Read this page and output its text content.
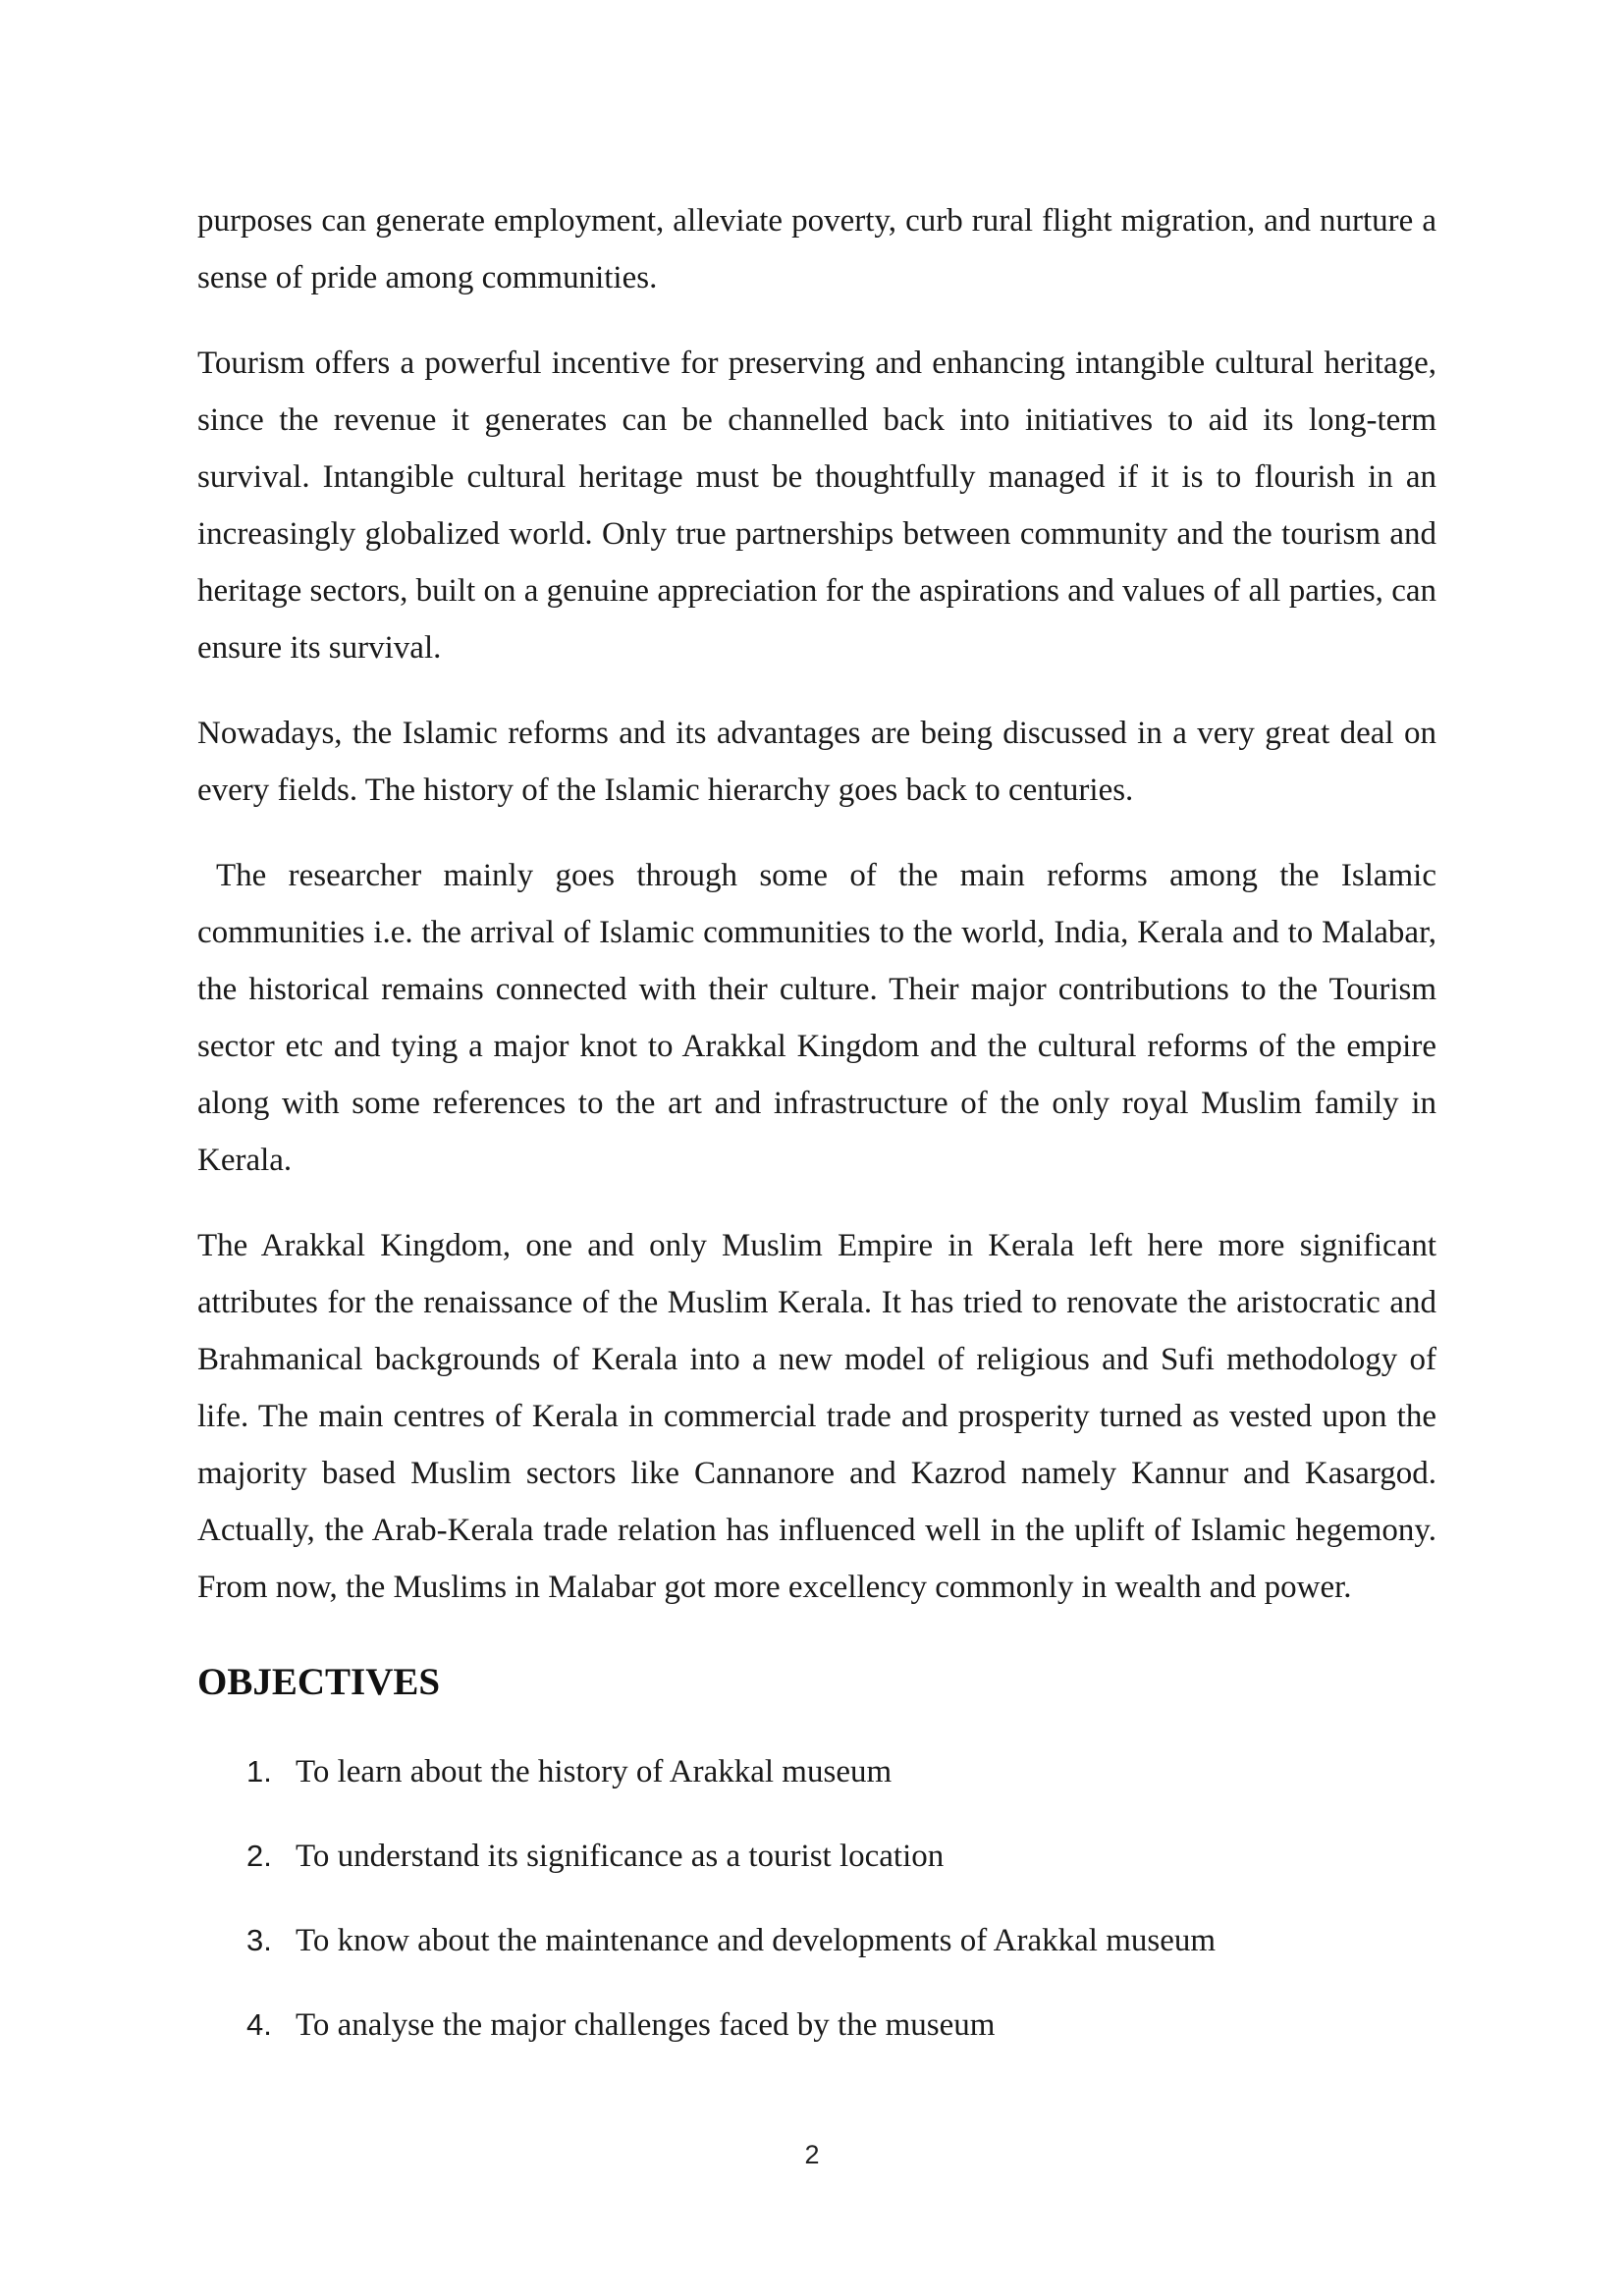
purposes can generate employment, alleviate poverty, curb rural flight migration, and nurture a sense of pride among communities.

Tourism offers a powerful incentive for preserving and enhancing intangible cultural heritage, since the revenue it generates can be channelled back into initiatives to aid its long-term survival. Intangible cultural heritage must be thoughtfully managed if it is to flourish in an increasingly globalized world. Only true partnerships between community and the tourism and heritage sectors, built on a genuine appreciation for the aspirations and values of all parties, can ensure its survival.

Nowadays, the Islamic reforms and its advantages are being discussed in a very great deal on every fields. The history of the Islamic hierarchy goes back to centuries.

The researcher mainly goes through some of the main reforms among the Islamic communities i.e. the arrival of Islamic communities to the world, India, Kerala and to Malabar, the historical remains connected with their culture. Their major contributions to the Tourism sector etc and tying a major knot to Arakkal Kingdom and the cultural reforms of the empire along with some references to the art and infrastructure of the only royal Muslim family in Kerala.

The Arakkal Kingdom, one and only Muslim Empire in Kerala left here more significant attributes for the renaissance of the Muslim Kerala. It has tried to renovate the aristocratic and Brahmanical backgrounds of Kerala into a new model of religious and Sufi methodology of life. The main centres of Kerala in commercial trade and prosperity turned as vested upon the majority based Muslim sectors like Cannanore and Kazrod namely Kannur and Kasargod. Actually, the Arab-Kerala trade relation has influenced well in the uplift of Islamic hegemony. From now, the Muslims in Malabar got more excellency commonly in wealth and power.

OBJECTIVES
1. To learn about the history of Arakkal museum
2. To understand its significance as a tourist location
3. To know about the maintenance and developments of Arakkal museum
4. To analyse the major challenges faced by the museum
2
